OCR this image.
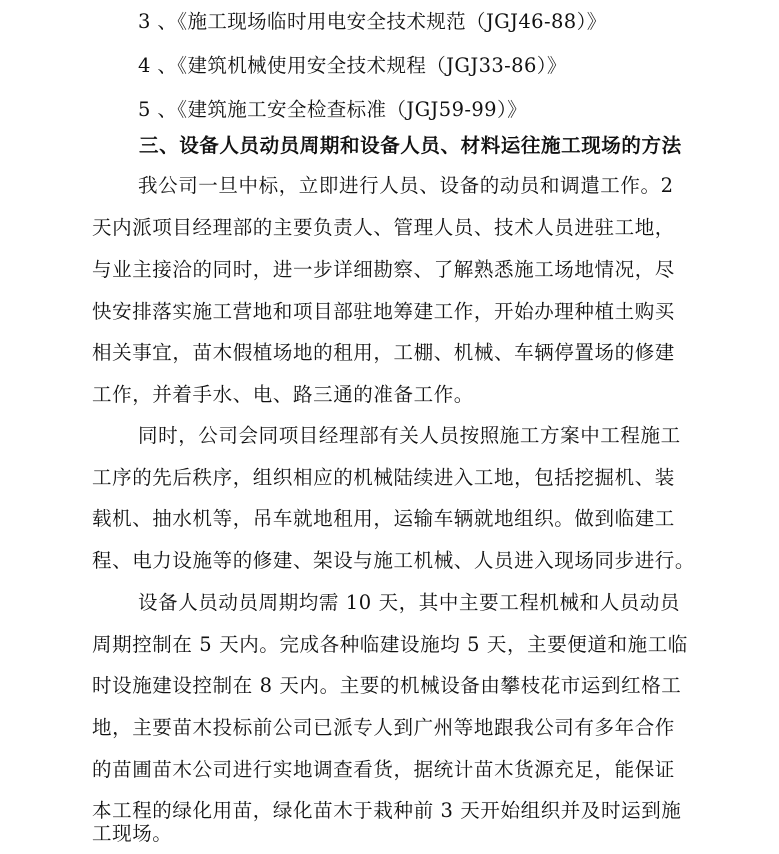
3 、《施工现场临时用电安全技术规范（JGJ46-88）》
4 、《建筑机械使用安全技术规程（JGJ33-86）》
5 、《建筑施工安全检查标准（JGJ59-99）》
三、设备人员动员周期和设备人员、材料运往施工现场的方法
我公司一旦中标，立即进行人员、设备的动员和调遣工作。2
天内派项目经理部的主要负责人、管理人员、技术人员进驻工地，
与业主接洽的同时，进一步详细勘察、了解熟悉施工场地情况，尽
快安排落实施工营地和项目部驻地筹建工作，开始办理种植土购买
相关事宜，苗木假植场地的租用，工棚、机械、车辆停置场的修建
工作，并着手水、电、路三通的准备工作。
同时，公司会同项目经理部有关人员按照施工方案中工程施工
工序的先后秩序，组织相应的机械陆续进入工地，包括挖掘机、装
载机、抽水机等，吊车就地租用，运输车辆就地组织。做到临建工
程、电力设施等的修建、架设与施工机械、人员进入现场同步进行。
设备人员动员周期均需 10 天，其中主要工程机械和人员动员
周期控制在 5 天内。完成各种临建设施均 5 天，主要便道和施工临
时设施建设控制在 8 天内。主要的机械设备由攀枝花市运到红格工
地，主要苗木投标前公司已派专人到广州等地跟我公司有多年合作
的苗圃苗木公司进行实地调查看货，据统计苗木货源充足，能保证
本工程的绿化用苗，绿化苗木于栽种前 3 天开始组织并及时运到施
工现场。
